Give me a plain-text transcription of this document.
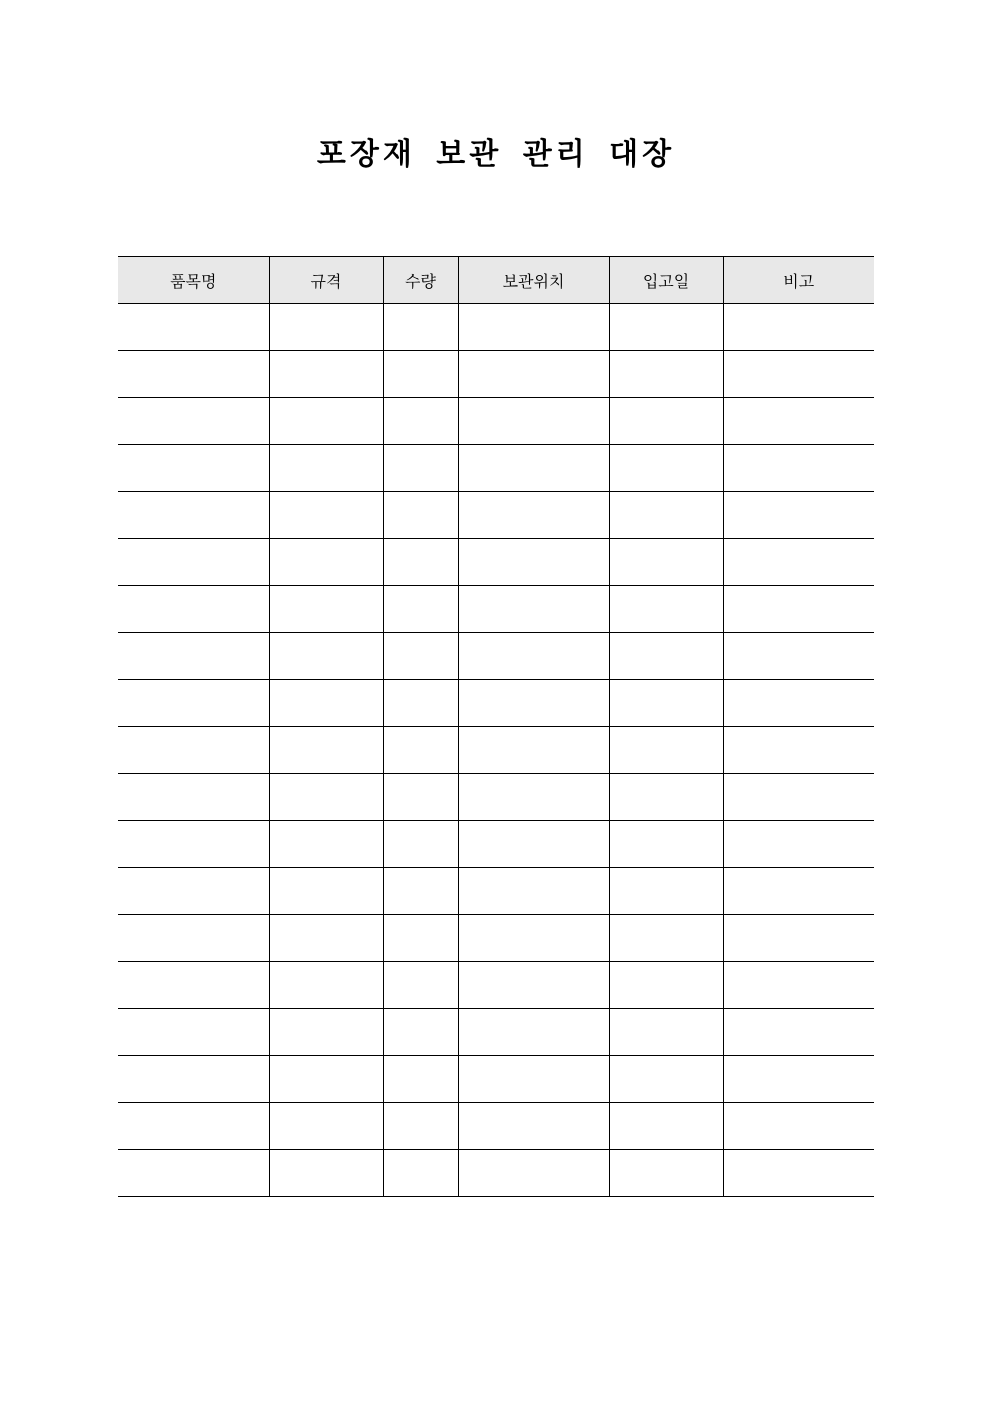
포장재 보관 관리 대장
품목명	규격	수량	보관위치	입고일	비고
